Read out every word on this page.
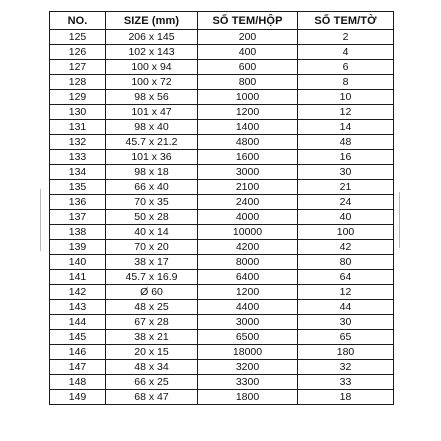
NO.	SIZE (mm)	SỐ TEM/HỘP	SỐ TEM/TỜ
125	206 x 145	200	2
126	102 x 143	400	4
127	100 x 94	600	6
128	100 x 72	800	8
129	98 x 56	1000	10
130	101 x 47	1200	12
131	98 x 40	1400	14
132	45.7 x 21.2	4800	48
133	101 x 36	1600	16
134	98 x 18	3000	30
135	66 x 40	2100	21
136	70 x 35	2400	24
137	50 x 28	4000	40
138	40 x 14	10000	100
139	70 x 20	4200	42
140	38 x 17	8000	80
141	45.7 x 16.9	6400	64
142	Ø 60	1200	12
143	48 x 25	4400	44
144	67 x 28	3000	30
145	38 x 21	6500	65
146	20 x 15	18000	180
147	48 x 34	3200	32
148	66 x 25	3300	33
149	68 x 47	1800	18
